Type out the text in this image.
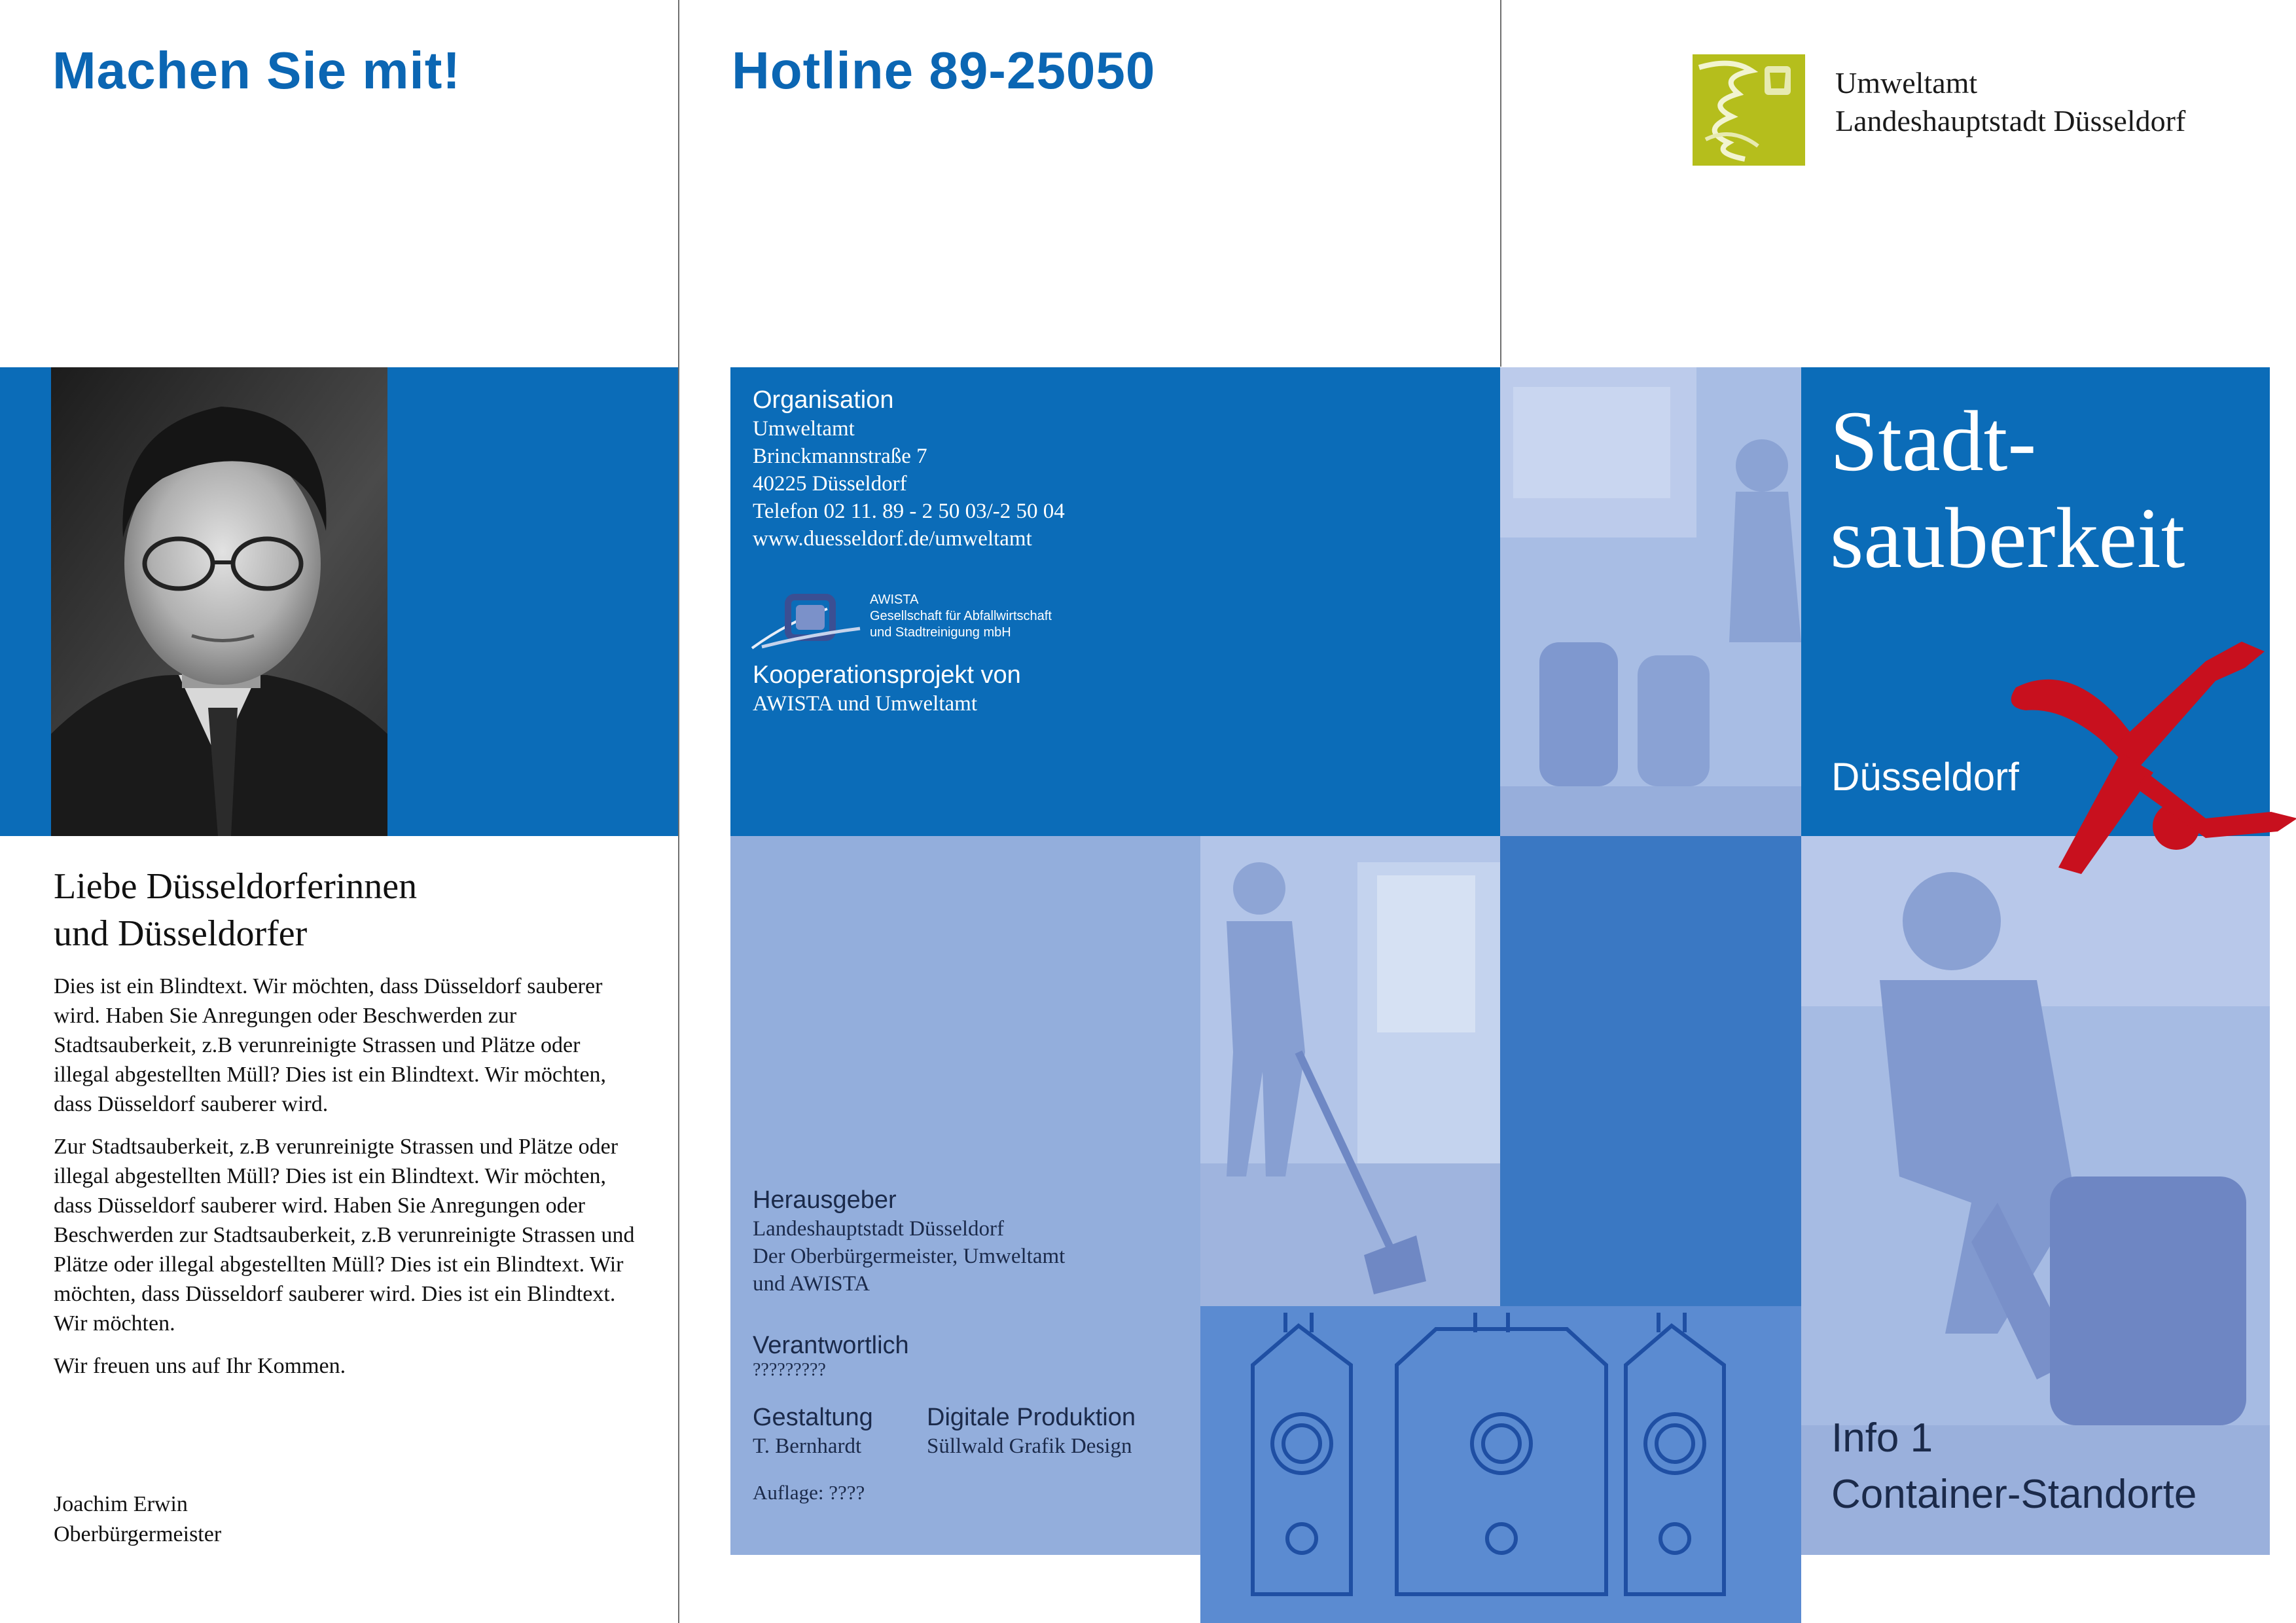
Machen Sie mit!
Liebe Düsseldorferinnen
und Düsseldorfer

Dies ist ein Blindtext. Wir möchten, dass Düsseldorf sauberer wird. Haben Sie Anregungen oder Beschwerden zur Stadtsauberkeit, z.B verunreinigte Strassen und Plätze oder illegal abgestellten Müll? Dies ist ein Blindtext. Wir möchten, dass Düsseldorf sauberer wird.

Zur Stadtsauberkeit, z.B verunreinigte Strassen und Plätze oder illegal abgestellten Müll? Dies ist ein Blindtext. Wir möchten, dass Düsseldorf sauberer wird. Haben Sie Anregungen oder Beschwerden zur Stadtsauberkeit, z.B verunreinigte Strassen und Plätze oder illegal abgestellten Müll? Dies ist ein Blindtext. Wir möchten, dass Düsseldorf sauberer wird. Dies ist ein Blindtext. Wir möchten.

Wir freuen uns auf Ihr Kommen.

Joachim Erwin
Oberbürgermeister
Hotline 89-25050
Organisation
Umweltamt
Brinckmannstraße 7
40225 Düsseldorf
Telefon 02 11. 89 - 2 50 03/-2 50 04
www.duesseldorf.de/umweltamt
AWISTA
Gesellschaft für Abfallwirtschaft
und Stadtreinigung mbH
Kooperationsprojekt von
AWISTA und Umweltamt
Herausgeber
Landeshauptstadt Düsseldorf
Der Oberbürgermeister, Umweltamt
und AWISTA
Verantwortlich
?????????
Gestaltung
T. Bernhardt
Digitale Produktion
Süllwald Grafik Design
Auflage: ????
Umweltamt
Landeshauptstadt Düsseldorf
Stadt-
sauberkeit
Düsseldorf
Info 1
Container-Standorte
